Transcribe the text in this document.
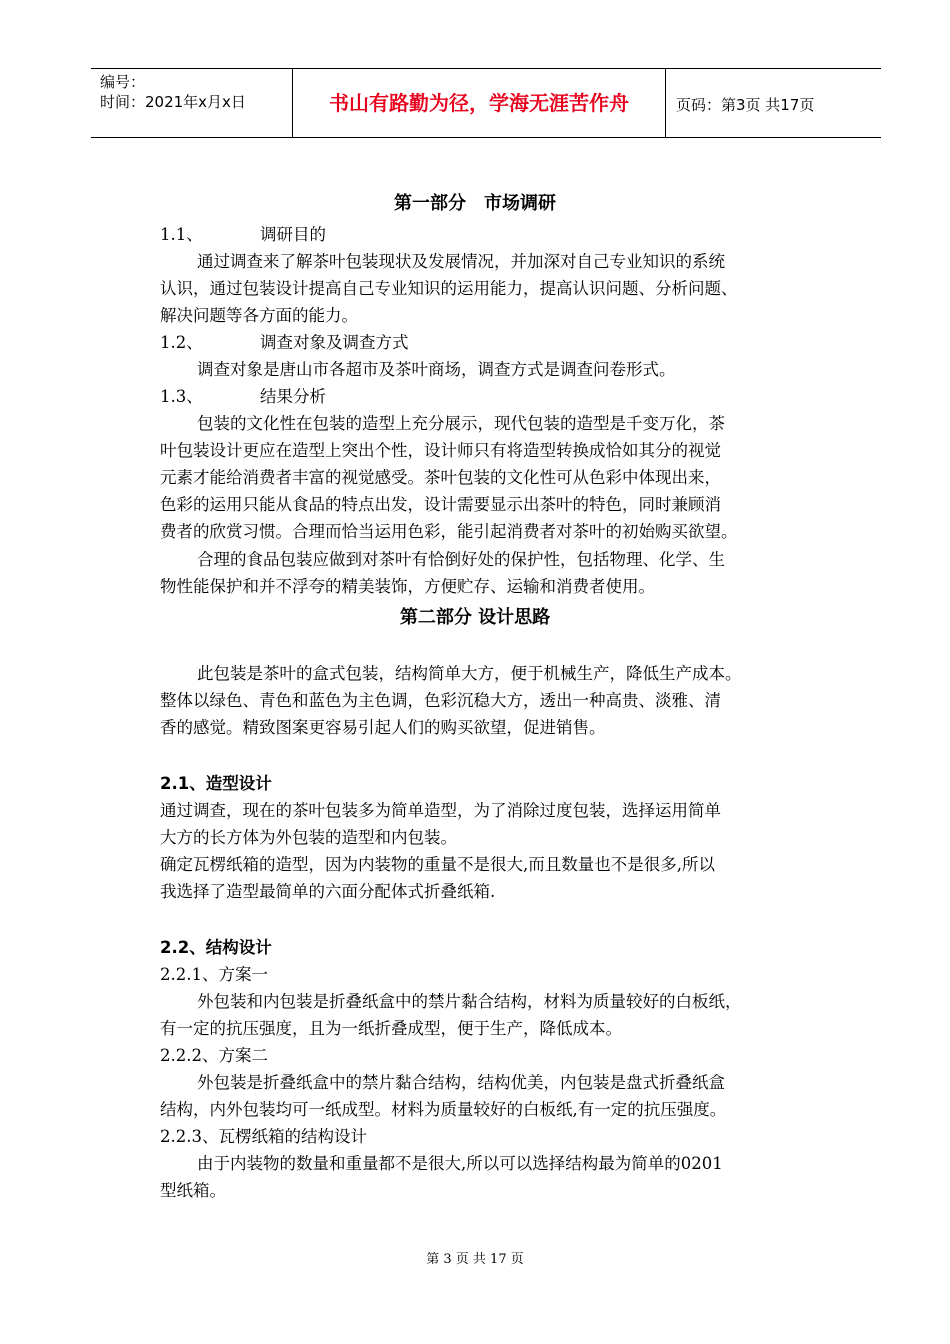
编号：
时间：2021年x月x日	书山有路勤为径，学海无涯苦作舟	页码：第3页 共17页
第一部分　市场调研
1.1、	调研目的
通过调查来了解茶叶包装现状及发展情况，并加深对自己专业知识的系统
认识，通过包装设计提高自己专业知识的运用能力，提高认识问题、分析问题、
解决问题等各方面的能力。
1.2、	调查对象及调查方式
调查对象是唐山市各超市及茶叶商场，调查方式是调查问卷形式。
1.3、	结果分析
包装的文化性在包装的造型上充分展示，现代包装的造型是千变万化，茶
叶包装设计更应在造型上突出个性，设计师只有将造型转换成恰如其分的视觉
元素才能给消费者丰富的视觉感受。茶叶包装的文化性可从色彩中体现出来，
色彩的运用只能从食品的特点出发，设计需要显示出茶叶的特色，同时兼顾消
费者的欣赏习惯。合理而恰当运用色彩，能引起消费者对茶叶的初始购买欲望。
合理的食品包装应做到对茶叶有恰倒好处的保护性，包括物理、化学、生
物性能保护和并不浮夸的精美装饰，方便贮存、运输和消费者使用。
第二部分 设计思路
此包装是茶叶的盒式包装，结构简单大方，便于机械生产，降低生产成本。
整体以绿色、青色和蓝色为主色调，色彩沉稳大方，透出一种高贵、淡雅、清
香的感觉。精致图案更容易引起人们的购买欲望，促进销售。
2.1、造型设计
通过调查，现在的茶叶包装多为简单造型，为了消除过度包装，选择运用简单
大方的长方体为外包装的造型和内包装。
确定瓦楞纸箱的造型，因为内装物的重量不是很大,而且数量也不是很多,所以
我选择了造型最简单的六面分配体式折叠纸箱.
2.2、结构设计
2.2.1、方案一
外包装和内包装是折叠纸盒中的禁片黏合结构，材料为质量较好的白板纸，
有一定的抗压强度，且为一纸折叠成型，便于生产，降低成本。
2.2.2、方案二
外包装是折叠纸盒中的禁片黏合结构，结构优美，内包装是盘式折叠纸盒
结构，内外包装均可一纸成型。材料为质量较好的白板纸,有一定的抗压强度。
2.2.3、瓦楞纸箱的结构设计
由于内装物的数量和重量都不是很大,所以可以选择结构最为简单的0201
型纸箱。
第 3 页 共 17 页
